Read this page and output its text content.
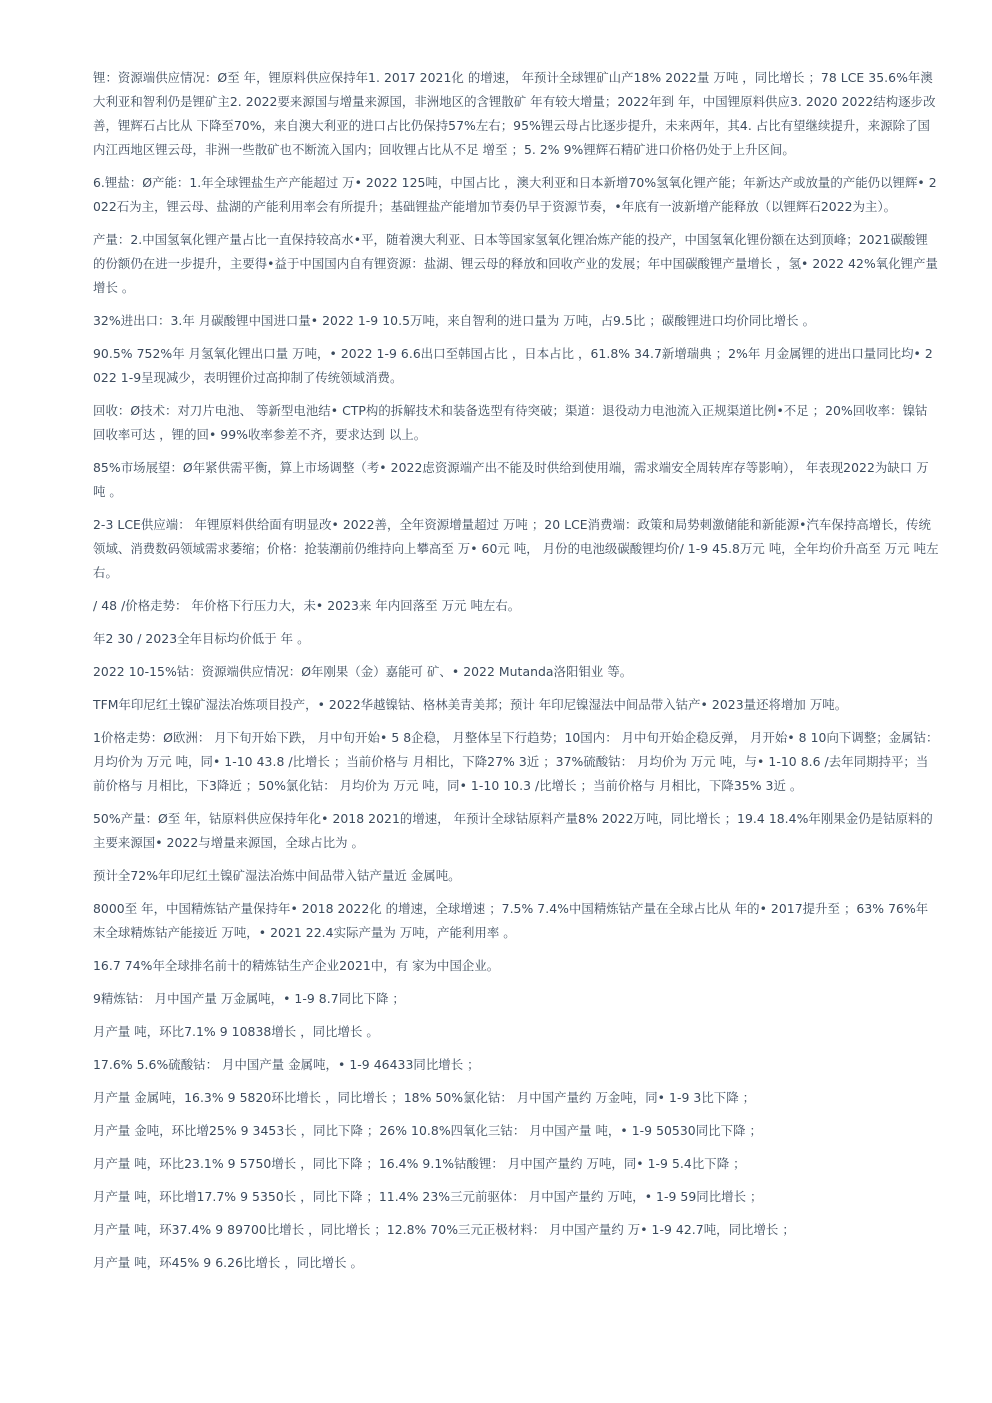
锂：资源端供应情况：Ø至 年，锂原料供应保持年1. 2017 2021化 的增速， 年预计全球锂矿山产18% 2022量 万吨 ，同比增长 ；78 LCE 35.6%年澳大利亚和智利仍是锂矿主2. 2022要来源国与增量来源国，非洲地区的含锂散矿 年有较大增量；2022年到 年，中国锂原料供应3. 2020 2022结构逐步改善，锂辉石占比从 下降至70%，来自澳大利亚的进口占比仍保持57%左右；95%锂云母占比逐步提升，未来两年，其4. 占比有望继续提升，来源除了国内江西地区锂云母，非洲一些散矿也不断流入国内；回收锂占比从不足 增至 ；5. 2% 9%锂辉石精矿进口价格仍处于上升区间。

6.锂盐：Ø产能：1.年全球锂盐生产产能超过 万• 2022 125吨，中国占比 ，澳大利亚和日本新增70%氢氧化锂产能；年新达产或放量的产能仍以锂辉• 2022石为主，锂云母、盐湖的产能利用率会有所提升；基础锂盐产能增加节奏仍早于资源节奏，•年底有一波新增产能释放（以锂辉石2022为主）。

产量：2.中国氢氧化锂产量占比一直保持较高水•平，随着澳大利亚、日本等国家氢氧化锂冶炼产能的投产，中国氢氧化锂份额在达到顶峰；2021碳酸锂的份额仍在进一步提升，主要得•益于中国国内自有锂资源：盐湖、锂云母的释放和回收产业的发展；年中国碳酸锂产量增长 ，氢• 2022 42%氧化锂产量增长 。

32%进出口：3.年 月碳酸锂中国进口量• 2022 1-9 10.5万吨，来自智利的进口量为 万吨，占9.5比 ；碳酸锂进口均价同比增长 。

90.5% 752%年 月氢氧化锂出口量 万吨，• 2022 1-9 6.6出口至韩国占比 ，日本占比 ，61.8% 34.7新增瑞典 ；2%年 月金属锂的进出口量同比均• 2022 1-9呈现减少，表明锂价过高抑制了传统领域消费。

回收：Ø技术：对刀片电池、 等新型电池结• CTP构的拆解技术和装备选型有待突破；渠道：退役动力电池流入正规渠道比例•不足 ；20%回收率：镍钴回收率可达 ，锂的回• 99%收率参差不齐，要求达到 以上。

85%市场展望：Ø年紧供需平衡，算上市场调整（考• 2022虑资源端产出不能及时供给到使用端，需求端安全周转库存等影响）， 年表现2022为缺口 万吨 。

2-3 LCE供应端： 年锂原料供给面有明显改• 2022善，全年资源增量超过 万吨 ；20 LCE消费端：政策和局势刺激储能和新能源•汽车保持高增长，传统领域、消费数码领域需求萎缩；价格：抢装潮前仍维持向上攀高至 万• 60元 吨， 月份的电池级碳酸锂均价/ 1-9 45.8万元 吨，全年均价升高至 万元 吨左右。

/ 48 /价格走势： 年价格下行压力大，未• 2023来 年内回落至 万元 吨左右。

年2 30 / 2023全年目标均价低于 年 。

2022 10-15%钴：资源端供应情况：Ø年刚果（金）嘉能可 矿、• 2022 Mutanda洛阳钼业 等。

TFM年印尼红土镍矿湿法冶炼项目投产，• 2022华越镍钴、格林美青美邦；预计 年印尼镍湿法中间品带入钴产• 2023量还将增加 万吨。

1价格走势：Ø欧洲： 月下旬开始下跌， 月中旬开始• 5 8企稳， 月整体呈下行趋势；10国内： 月中旬开始企稳反弹， 月开始• 8 10向下调整；金属钴： 月均价为 万元 吨，同• 1-10 43.8 /比增长 ；当前价格与 月相比，下降27% 3近 ；37%硫酸钴： 月均价为 万元 吨，与• 1-10 8.6 /去年同期持平；当前价格与 月相比，下3降近 ；50%氯化钴： 月均价为 万元 吨，同• 1-10 10.3 /比增长 ；当前价格与 月相比，下降35% 3近 。

50%产量：Ø至 年，钴原料供应保持年化• 2018 2021的增速， 年预计全球钴原料产量8% 2022万吨，同比增长 ；19.4 18.4%年刚果金仍是钴原料的主要来源国• 2022与增量来源国，全球占比为 。

预计全72%年印尼红土镍矿湿法冶炼中间品带入钴产量近 金属吨。

8000至 年，中国精炼钴产量保持年• 2018 2022化 的增速，全球增速 ；7.5% 7.4%中国精炼钴产量在全球占比从 年的• 2017提升至 ；63% 76%年末全球精炼钴产能接近 万吨，• 2021 22.4实际产量为 万吨，产能利用率 。

16.7 74%年全球排名前十的精炼钴生产企业2021中，有 家为中国企业。

9精炼钴： 月中国产量 万金属吨，• 1-9 8.7同比下降 ；

月产量 吨，环比7.1% 9 10838增长 ，同比增长 。

17.6% 5.6%硫酸钴： 月中国产量 金属吨，• 1-9 46433同比增长 ；

月产量 金属吨，16.3% 9 5820环比增长 ，同比增长 ；18% 50%氯化钴： 月中国产量约 万金吨，同• 1-9 3比下降 ；

月产量 金吨，环比增25% 9 3453长 ，同比下降 ；26% 10.8%四氧化三钴： 月中国产量 吨，• 1-9 50530同比下降 ；

月产量 吨，环比23.1% 9 5750增长 ，同比下降 ；16.4% 9.1%钴酸锂： 月中国产量约 万吨，同• 1-9 5.4比下降 ；

月产量 吨，环比增17.7% 9 5350长 ，同比下降 ；11.4% 23%三元前驱体： 月中国产量约 万吨，• 1-9 59同比增长 ；

月产量 吨，环37.4% 9 89700比增长 ，同比增长 ；12.8% 70%三元正极材料： 月中国产量约 万• 1-9 42.7吨，同比增长 ；

月产量 吨，环45% 9 6.26比增长 ，同比增长 。
